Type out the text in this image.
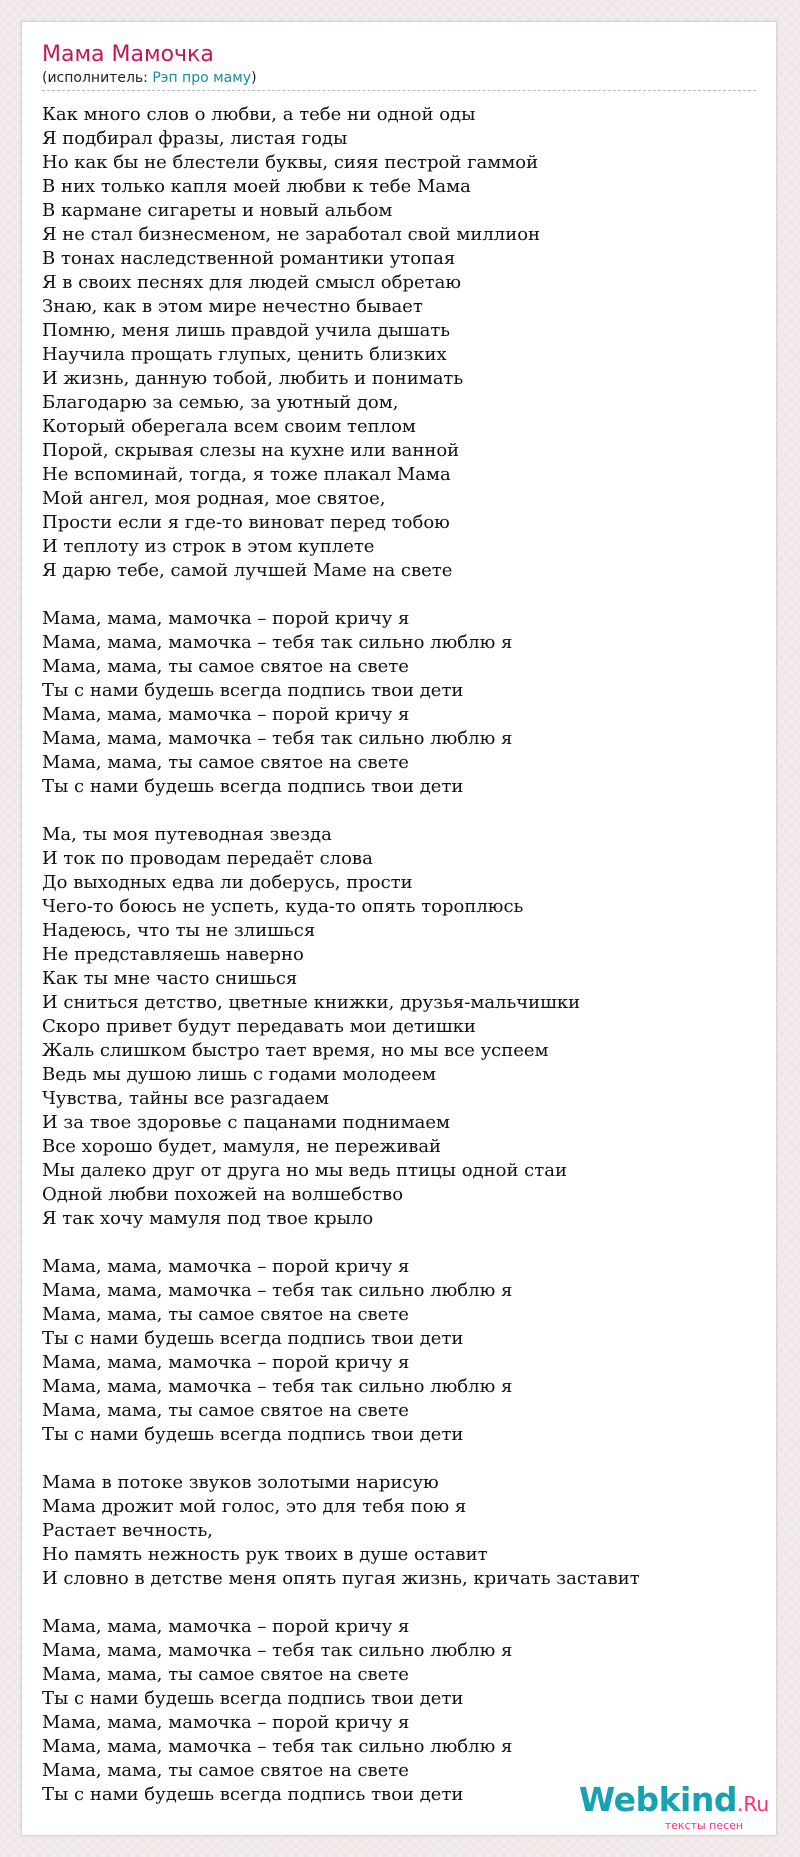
Мама Мамочка
(исполнитель: Рэп про маму)
Как много слов о любви, а тебе ни одной оды
Я подбирал фразы, листая годы
Но как бы не блестели буквы, сияя пестрой гаммой
В них только капля моей любви к тебе Мама
В кармане сигареты и новый альбом
Я не стал бизнесменом, не заработал свой миллион
В тонах наследственной романтики утопая
Я в своих песнях для людей смысл обретаю
Знаю, как в этом мире нечестно бывает
Помню, меня лишь правдой учила дышать
Научила прощать глупых, ценить близких
И жизнь, данную тобой, любить и понимать
Благодарю за семью, за уютный дом,
Который оберегала всем своим теплом
Порой, скрывая слезы на кухне или ванной
Не вспоминай, тогда, я тоже плакал Мама
Мой ангел, моя родная, мое святое,
Прости если я где-то виноват перед тобою
И теплоту из строк в этом куплете
Я дарю тебе, самой лучшей Маме на свете
Мама, мама, мамочка – порой кричу я
Мама, мама, мамочка – тебя так сильно люблю я
Мама, мама, ты самое святое на свете
Ты с нами будешь всегда подпись твои дети
Мама, мама, мамочка – порой кричу я
Мама, мама, мамочка – тебя так сильно люблю я
Мама, мама, ты самое святое на свете
Ты с нами будешь всегда подпись твои дети
Ма, ты моя путеводная звезда
И ток по проводам передаёт слова
До выходных едва ли доберусь, прости
Чего-то боюсь не успеть, куда-то опять тороплюсь
Надеюсь, что ты не злишься
Не представляешь наверно
Как ты мне часто снишься
И сниться детство, цветные книжки, друзья-мальчишки
Скоро привет будут передавать мои детишки
Жаль слишком быстро тает время, но мы все успеем
Ведь мы душою лишь с годами молодеем
Чувства, тайны все разгадаем
И за твое здоровье с пацанами поднимаем
Все хорошо будет, мамуля, не переживай
Мы далеко друг от друга но мы ведь птицы одной стаи
Одной любви похожей на волшебство
Я так хочу мамуля под твое крыло
Мама, мама, мамочка – порой кричу я
Мама, мама, мамочка – тебя так сильно люблю я
Мама, мама, ты самое святое на свете
Ты с нами будешь всегда подпись твои дети
Мама, мама, мамочка – порой кричу я
Мама, мама, мамочка – тебя так сильно люблю я
Мама, мама, ты самое святое на свете
Ты с нами будешь всегда подпись твои дети
Мама в потоке звуков золотыми нарисую
Мама дрожит мой голос, это для тебя пою я
Растает вечность,
Но память нежность рук твоих в душе оставит
И словно в детстве меня опять пугая жизнь, кричать заставит
Мама, мама, мамочка – порой кричу я
Мама, мама, мамочка – тебя так сильно люблю я
Мама, мама, ты самое святое на свете
Ты с нами будешь всегда подпись твои дети
Мама, мама, мамочка – порой кричу я
Мама, мама, мамочка – тебя так сильно люблю я
Мама, мама, ты самое святое на свете
Ты с нами будешь всегда подпись твои дети	Webkind.Ru
тексты песен
